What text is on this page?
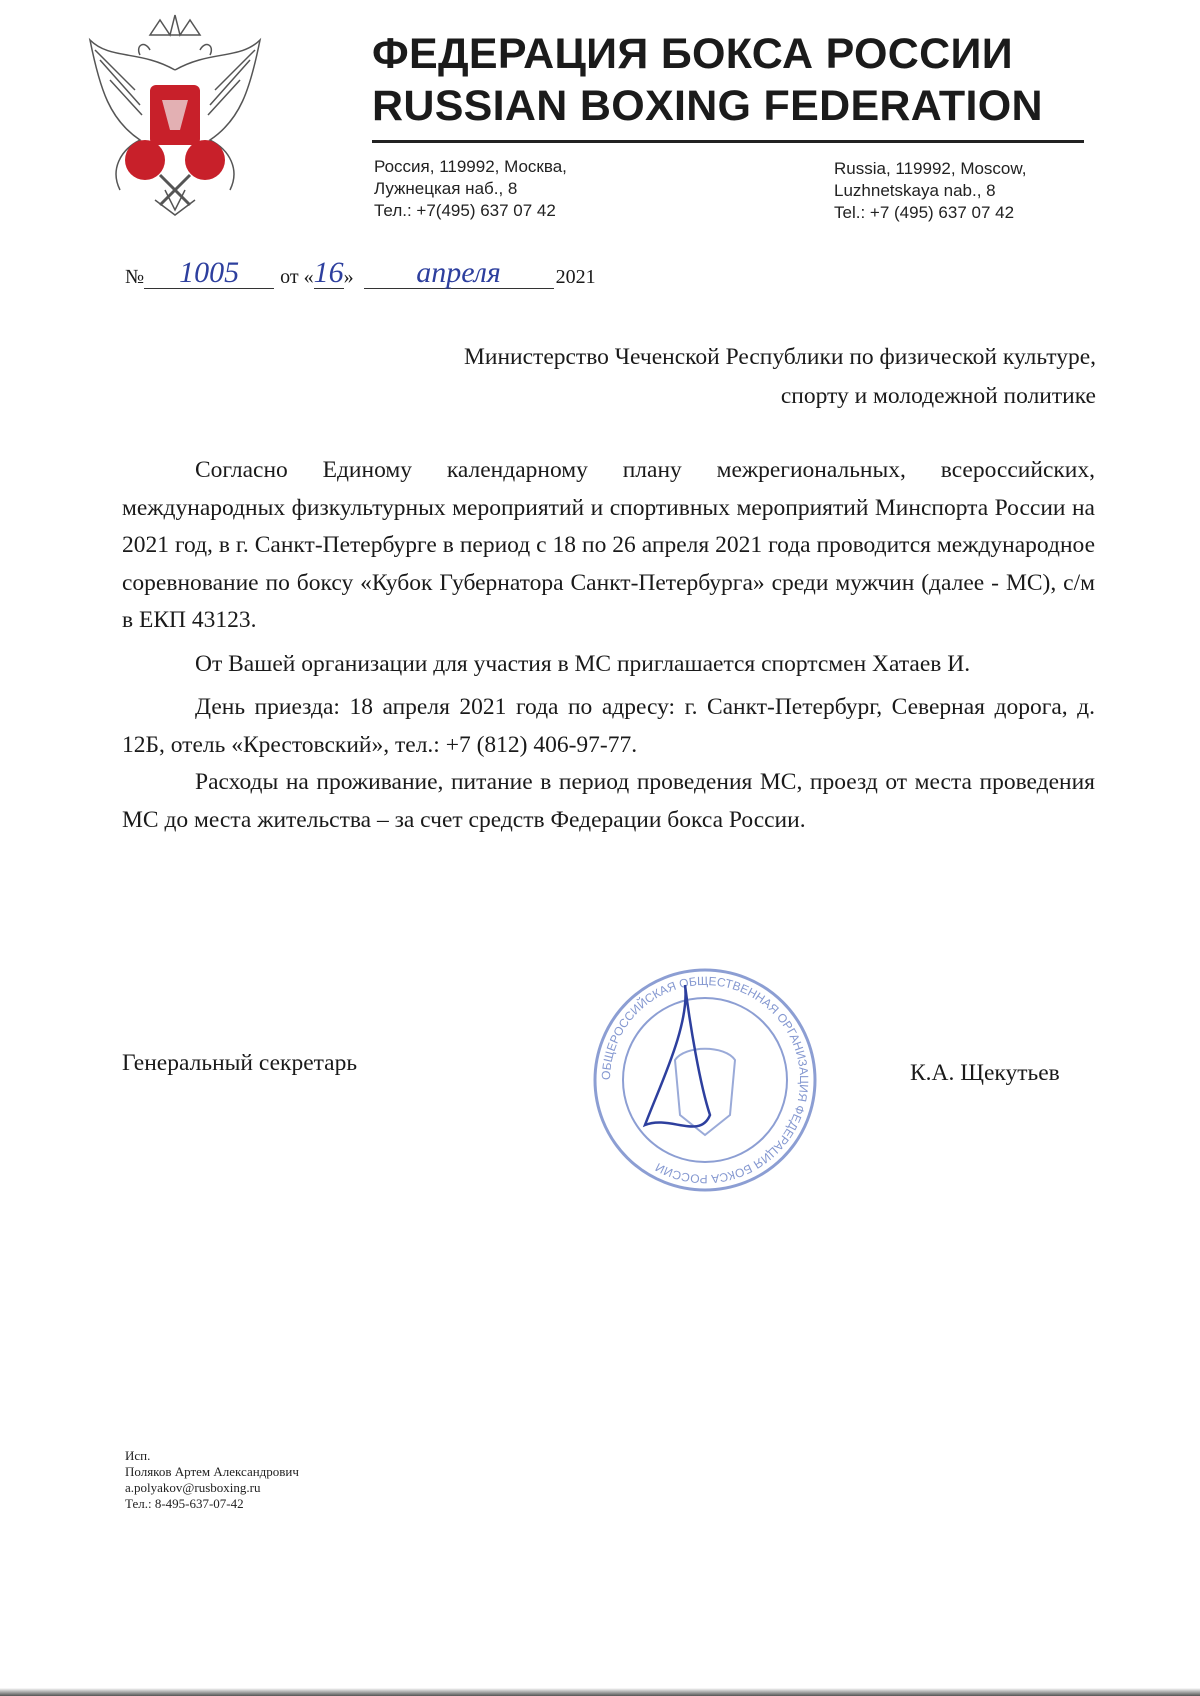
ФЕДЕРАЦИЯ БОКСА РОССИИ
RUSSIAN BOXING FEDERATION
Россия, 119992, Москва,
Лужнецкая наб., 8
Тел.: +7(495) 637 07 42
Russia, 119992, Moscow,
Luzhnetskaya nab., 8
Tel.: +7 (495) 637 07 42
№	1005	от « 16 »	апреля	2021
Министерство Чеченской Республики по физической культуре,
спорту и молодежной политике

Согласно Единому календарному плану межрегиональных, всероссийских, международных физкультурных мероприятий и спортивных мероприятий Минспорта России на 2021 год, в г. Санкт-Петербурге в период с 18 по 26 апреля 2021 года проводится международное соревнование по боксу «Кубок Губернатора Санкт-Петербурга» среди мужчин (далее - МС), с/м в ЕКП 43123.

От Вашей организации для участия в МС приглашается спортсмен Хатаев И.

День приезда: 18 апреля 2021 года по адресу: г. Санкт-Петербург, Северная дорога, д. 12Б, отель «Крестовский», тел.: +7 (812) 406-97-77.

Расходы на проживание, питание в период проведения МС, проезд от места проведения МС до места жительства – за счет средств Федерации бокса России.

Генеральный секретарь	ОБЩЕРОССИЙСКАЯ ОБЩЕСТВЕННАЯ ОРГАНИЗАЦИЯ ФЕДЕРАЦИЯ БОКСА РОССИИ
К.А. Щекутьев
Исп.
Поляков Артем Александрович
a.polyakov@rusboxing.ru
Тел.: 8-495-637-07-42
